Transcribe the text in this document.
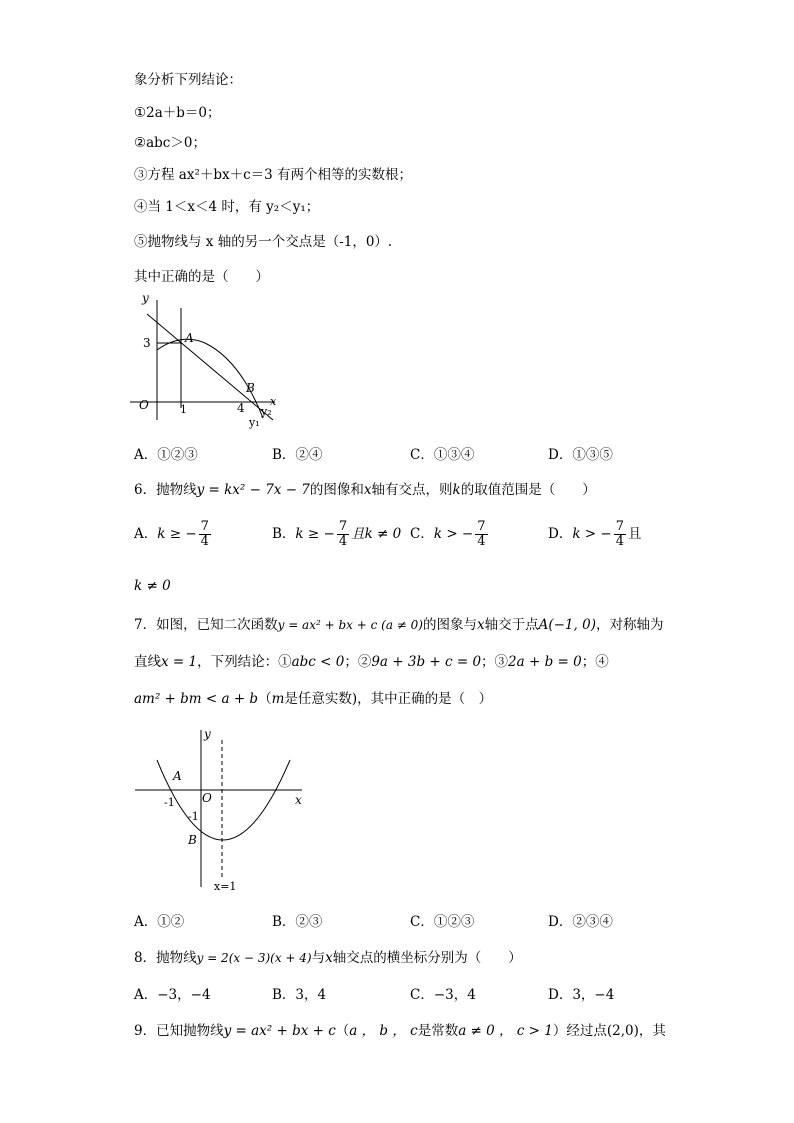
象分析下列结论：
①2a＋b＝0；
②abc＞0；
③方程 ax²＋bx＋c＝3 有两个相等的实数根；
④当 1＜x＜4 时，有 y₂＜y₁；
⑤抛物线与 x 轴的另一个交点是（-1，0）.
其中正确的是（　　）
y
O
3
1	4
A
B
x
y₂
y₁
A．①②③	B．②④	C．①③④	D．①③⑤
6．抛物线y = kx² − 7x − 7的图像和x轴有交点，则k的取值范围是（　　）
A．k ≥ − $\frac{7}{4}$	B．k ≥ − $\frac{7}{4}$ 且k ≠ 0 C．k > − $\frac{7}{4}$	D．k > − $\frac{7}{4}$ 且
k ≠ 0
7．如图，已知二次函数y = ax² + bx + c (a ≠ 0)的图象与x轴交于点A(−1, 0)，对称轴为
直线x = 1，下列结论：①abc < 0；②9a + 3b + c = 0；③2a + b = 0；④
am² + bm < a + b（m是任意实数)，其中正确的是（　）
y
x
O
A
-1
-1
B
x=1
A．①②	B．②③	C．①②③	D．②③④
8．抛物线y = 2(x − 3)(x + 4)与x轴交点的横坐标分别为（　　）
A．−3，−4	B．3，4	C．−3，4	D．3，−4
9．已知抛物线y = ax² + bx + c（a ， b ， c是常数a ≠ 0 ， c > 1）经过点(2,0)，其
